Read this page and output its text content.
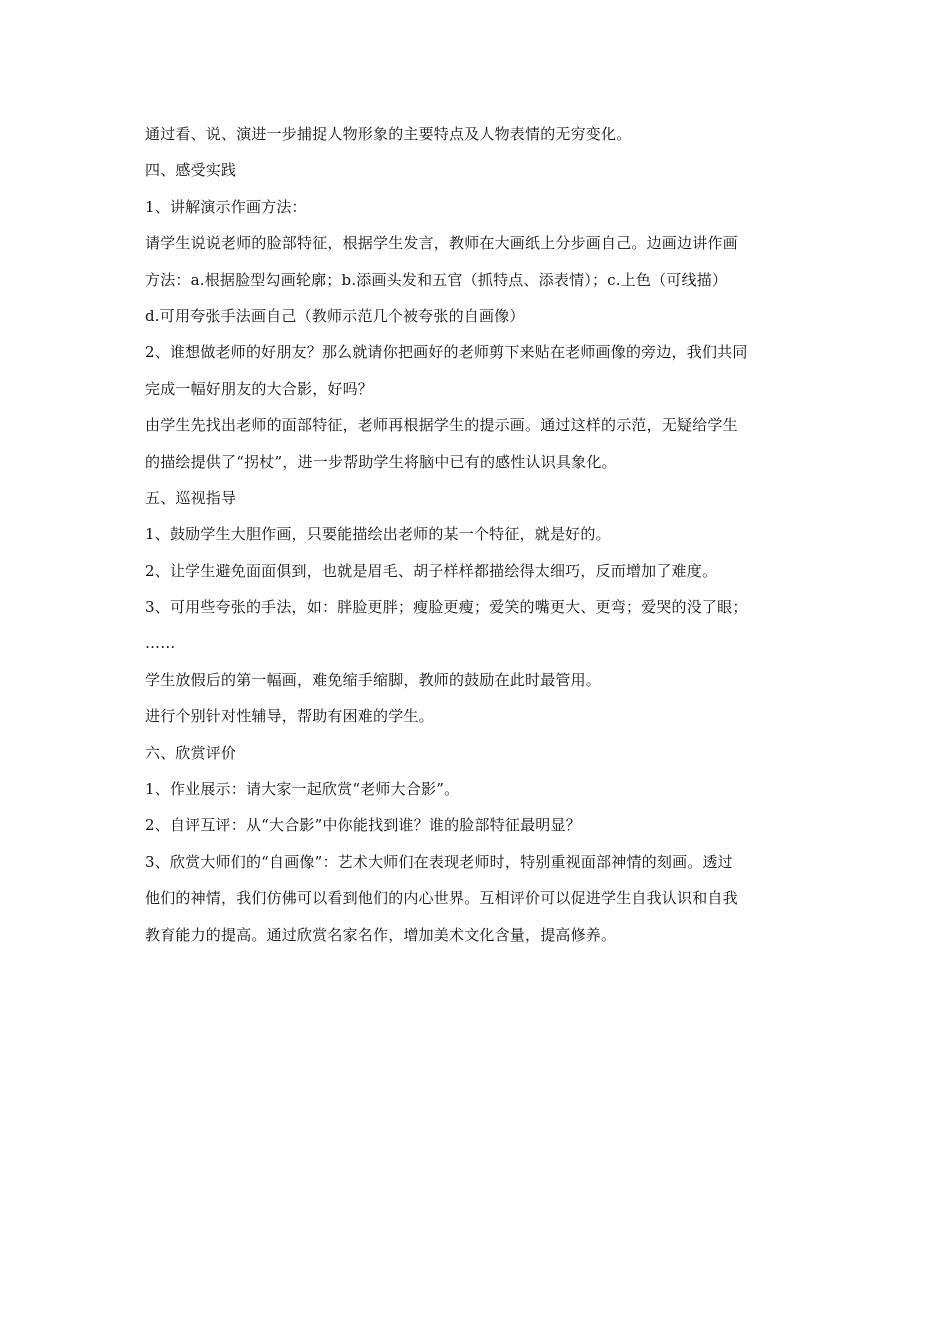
通过看、说、演进一步捕捉人物形象的主要特点及人物表情的无穷变化。
四、感受实践
1、讲解演示作画方法：
请学生说说老师的脸部特征，根据学生发言，教师在大画纸上分步画自己。边画边讲作画
方法：a.根据脸型勾画轮廓；b.添画头发和五官（抓特点、添表情）；c.上色（可线描）
d.可用夸张手法画自己（教师示范几个被夸张的自画像）
2、谁想做老师的好朋友？那么就请你把画好的老师剪下来贴在老师画像的旁边，我们共同
完成一幅好朋友的大合影，好吗？
由学生先找出老师的面部特征，老师再根据学生的提示画。通过这样的示范，无疑给学生
的描绘提供了“拐杖”，进一步帮助学生将脑中已有的感性认识具象化。
五、巡视指导
1、鼓励学生大胆作画，只要能描绘出老师的某一个特征，就是好的。
2、让学生避免面面俱到，也就是眉毛、胡子样样都描绘得太细巧，反而增加了难度。
3、可用些夸张的手法，如：胖脸更胖；瘦脸更瘦；爱笑的嘴更大、更弯；爱哭的没了眼；
……
学生放假后的第一幅画，难免缩手缩脚，教师的鼓励在此时最管用。
进行个别针对性辅导，帮助有困难的学生。
六、欣赏评价
1、作业展示：请大家一起欣赏“老师大合影”。
2、自评互评：从“大合影”中你能找到谁？谁的脸部特征最明显？
3、欣赏大师们的“自画像”：艺术大师们在表现老师时，特别重视面部神情的刻画。透过
他们的神情，我们仿佛可以看到他们的内心世界。互相评价可以促进学生自我认识和自我
教育能力的提高。通过欣赏名家名作，增加美术文化含量，提高修养。
